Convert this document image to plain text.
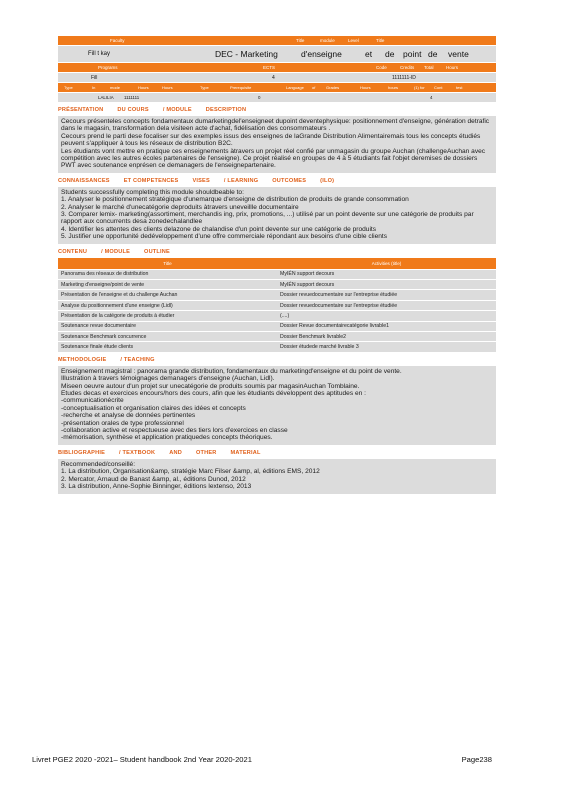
Faculty	Title	module	Level	Title
Fill t kay	DEC - Marketing	d'enseigne	et de point de vente
Programs	ECTS	Code	Credits Total	Hours
Fill	4	1111111-ID
Type	In	mode	Hours	Hours	Type	Prerequisite	Language of	Grades	Hours	hours	(1) for Cont	test
LALILIA 1111111	0	4
PRÉSENTATION	DU COURS	/ MODULE	DESCRIPTION

Cecours présenteles concepts fondamentaux dumarketingdel'enseigneet dupoint deventephysique: positionnement d'enseigne, génération detrafic dans le magasin, transformation dela visiteen acte d'achat, fidélisation des consommateurs .

Cecours prend le parti dese focaliser sur des exemples issus des enseignes de laGrande Distribution Alimentairemais tous les concepts étudiés peuvent s'appliquer à tous les réseaux de distribution B2C.

Les étudiants vont mettre en pratique ces enseignements àtravers un projet réel confié par unmagasin du groupe Auchan (challengeAuchan avec compétition avec les autres écoles partenaires de l'enseigne). Ce projet réalisé en groupes de 4 à 5 étudiants fait l'objet deremises de dossiers PWT avec soutenance enprésen ce demanagers de l'enseignepartenaire.

CONNAISSANCES	ET COMPETENCES	VISES	/ LEARNING	OUTCOMES	(ILO)

Students successfully completing this module shouldbeable to:

1. Analyser le positionnement stratégique d'unemarque d'enseigne de distribution de produits de grande consommation

2. Analyser le marché d'unecatégorie deproduits àtravers uneveillle documentaire

3. Comparer lemix- marketing(assortiment, merchandis ing, prix, promotions, ...) utilisé par un point devente sur une catégorie de produits par rapport aux concurrents desa zonedechalandlee

4. Identifier les attentes des clients delazone de chalandise d'un point devente sur une catégorie de produits

5. Justifier une opportunité dedéveloppement d'une offre commerciale répondant aux besoins d'une cible clients

CONTENU	/ MODULE	OUTLINE
Title	Activities (title)
Panorama des réseaux de distribution	MyIÉN support decours
Marketing d'enseigne/point de vente	MyIÉN support decours
Présentation de l'enseigne et du challenge Auchan	Dossier revuedocumentaire sur l'entreprise étudiée
Analyse du positionnement d'une enseigne (Lidl)	Dossier revuedocumentaire sur l'entreprise étudiée
Présentation de la catégorie de produits à étudier	(....)
Soutenance revue documentaire	Dossier Revue documentairecatégorie livrable1
Soutenance Benchmark concurrence	Dossier Benchmark livrable2
Soutenance finale étude clients	Dossier étudede marché livrable 3
METHODOLOGIE	/ TEACHING

Enseignement magistral : panorama grande distribution, fondamentaux du marketingd'enseigne et du point de vente.

Illustration à travers témoignages demanagers d'enseigne (Auchan, Lidl).

Miseen oeuvre autour d'un projet sur unecatégorie de produits soumis par magasinAuchan Tomblaine.

Etudes decas et exercices encours/hors des cours, afin que les étudiants développent des aptitudes en :

-communicationécrite

-conceptualisation et organisation claires des idées et concepts

-recherche et analyse de données pertinentes

-présentation orales de type professionnel

-collaboration active et respectueuse avec des tiers lors d'exercices en classe

-mémorisation, synthèse et application pratiquedes concepts théoriques.

BIBLIOGRAPHIE	/ TEXTBOOK	AND	OTHER	MATERIAL

Recommended/conseillé:

1. La distribution, Organisation&amp, stratégie Marc Filser &amp, al, éditions EMS, 2012

2. Mercator, Arnaud de Banast &amp, al., éditions Dunod, 2012

3. La distribution, Anne-Sophie Binninger, éditions lextenso, 2013

Livret PGE2 2020 -2021– Student handbook 2nd Year 2020-2021	Page238
